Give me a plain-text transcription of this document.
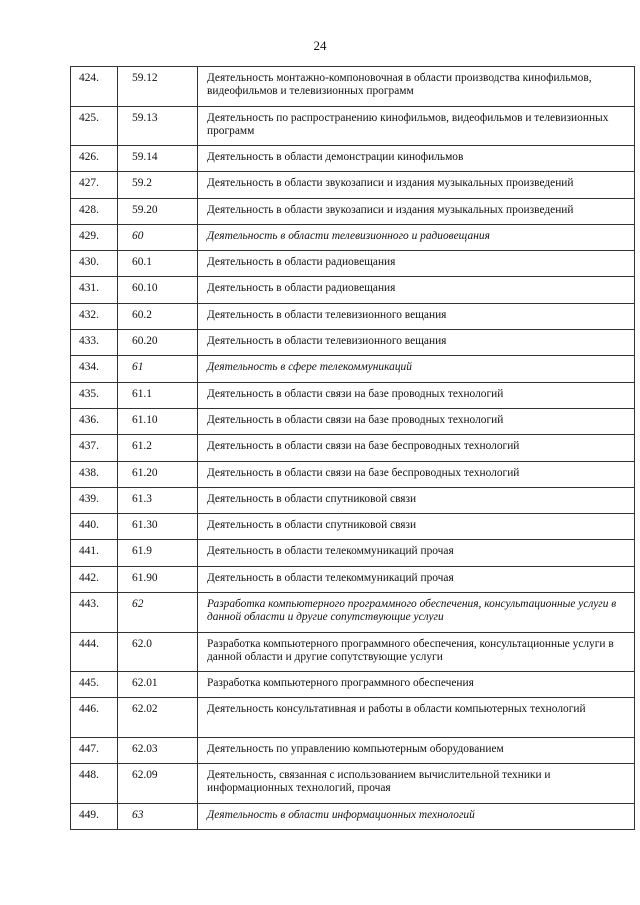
24
424.	59.12	Деятельность монтажно-компоновочная в области производства кинофильмов, видеофильмов и телевизионных программ
425.	59.13	Деятельность по распространению кинофильмов, видеофильмов и телевизионных программ
426.	59.14	Деятельность в области демонстрации кинофильмов
427.	59.2	Деятельность в области звукозаписи и издания музыкальных произведений
428.	59.20	Деятельность в области звукозаписи и издания музыкальных произведений
429.	60	Деятельность в области телевизионного и радиовещания
430.	60.1	Деятельность в области радиовещания
431.	60.10	Деятельность в области радиовещания
432.	60.2	Деятельность в области телевизионного вещания
433.	60.20	Деятельность в области телевизионного вещания
434.	61	Деятельность в сфере телекоммуникаций
435.	61.1	Деятельность в области связи на базе проводных технологий
436.	61.10	Деятельность в области связи на базе проводных технологий
437.	61.2	Деятельность в области связи на базе беспроводных технологий
438.	61.20	Деятельность в области связи на базе беспроводных технологий
439.	61.3	Деятельность в области спутниковой связи
440.	61.30	Деятельность в области спутниковой связи
441.	61.9	Деятельность в области телекоммуникаций прочая
442.	61.90	Деятельность в области телекоммуникаций прочая
443.	62	Разработка компьютерного программного обеспечения, консультационные услуги в данной области и другие сопутствующие услуги
444.	62.0	Разработка компьютерного программного обеспечения, консультационные услуги в данной области и другие сопутствующие услуги
445.	62.01	Разработка компьютерного программного обеспечения
446.	62.02	Деятельность консультативная и работы в области компьютерных технологий
447.	62.03	Деятельность по управлению компьютерным оборудованием
448.	62.09	Деятельность, связанная с использованием вычислительной техники и информационных технологий, прочая
449.	63	Деятельность в области информационных технологий
